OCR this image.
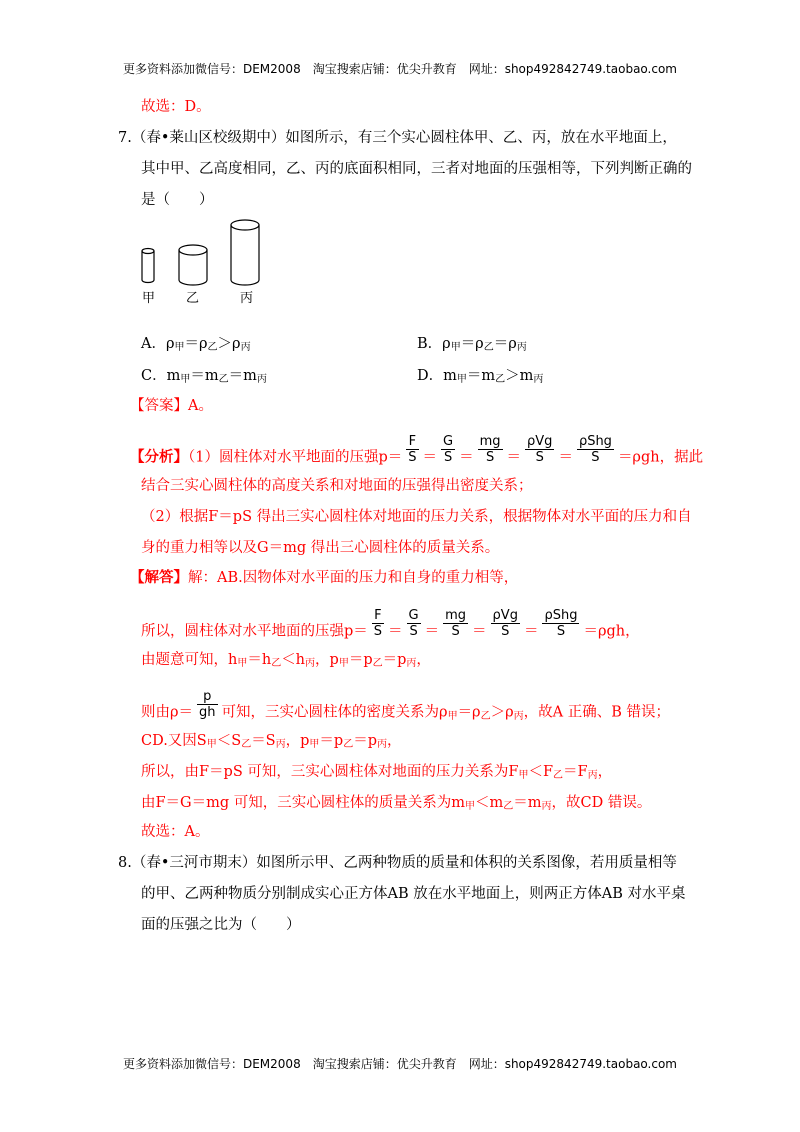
更多资料添加微信号：DEM2008　淘宝搜索店铺：优尖升教育　网址：shop492842749.taobao.com
故选：D。
7.（春•莱山区校级期中）如图所示，有三个实心圆柱体甲、乙、丙，放在水平地面上，
其中甲、乙高度相同，乙、丙的底面积相同，三者对地面的压强相等，下列判断正确的
是（　　）
甲 乙	丙
A．ρ甲＝ρ乙＞ρ丙	B．ρ甲＝ρ乙＝ρ丙
C．m甲＝m乙＝m丙	D．m甲＝m乙＞m丙
【答案】A。
【分析】（1）圆柱体对水平地面的压强$p= \frac{F}{S} = \frac{G}{S} = \frac{mg}{S} = \frac{\text{ρVg}}{S} = \frac{\text{ρShg}}{S} =\rho gh$，据此
结合三实心圆柱体的高度关系和对地面的压强得出密度关系；
（2）根据F＝pS 得出三实心圆柱体对地面的压力关系，根据物体对水平面的压力和自
身的重力相等以及G＝mg 得出三心圆柱体的质量关系。
【解答】解：AB.因物体对水平面的压力和自身的重力相等，
所以，圆柱体对水平地面的压强$p= \frac{F}{S} = \frac{G}{S} = \frac{mg}{S} = \frac{\text{ρVg}}{S} = \frac{\text{ρShg}}{S} =\rho gh$，
由题意可知，h甲＝h乙＜h丙，p甲＝p乙＝p丙，
则由$\rho= \frac{p}{gh}$ 可知，三实心圆柱体的密度关系为ρ甲＝ρ乙＞ρ丙，故A 正确、B 错误；
CD.又因S甲＜S乙＝S丙，p甲＝p乙＝p丙，
所以，由F＝pS 可知，三实心圆柱体对地面的压力关系为F甲＜F乙＝F丙，
由F＝G＝mg 可知，三实心圆柱体的质量关系为m甲＜m乙＝m丙，故CD 错误。
故选：A。
8.（春•三河市期末）如图所示甲、乙两种物质的质量和体积的关系图像，若用质量相等
的甲、乙两种物质分别制成实心正方体AB 放在水平地面上，则两正方体AB 对水平桌
面的压强之比为（　　）
更多资料添加微信号：DEM2008　淘宝搜索店铺：优尖升教育　网址：shop492842749.taobao.com
